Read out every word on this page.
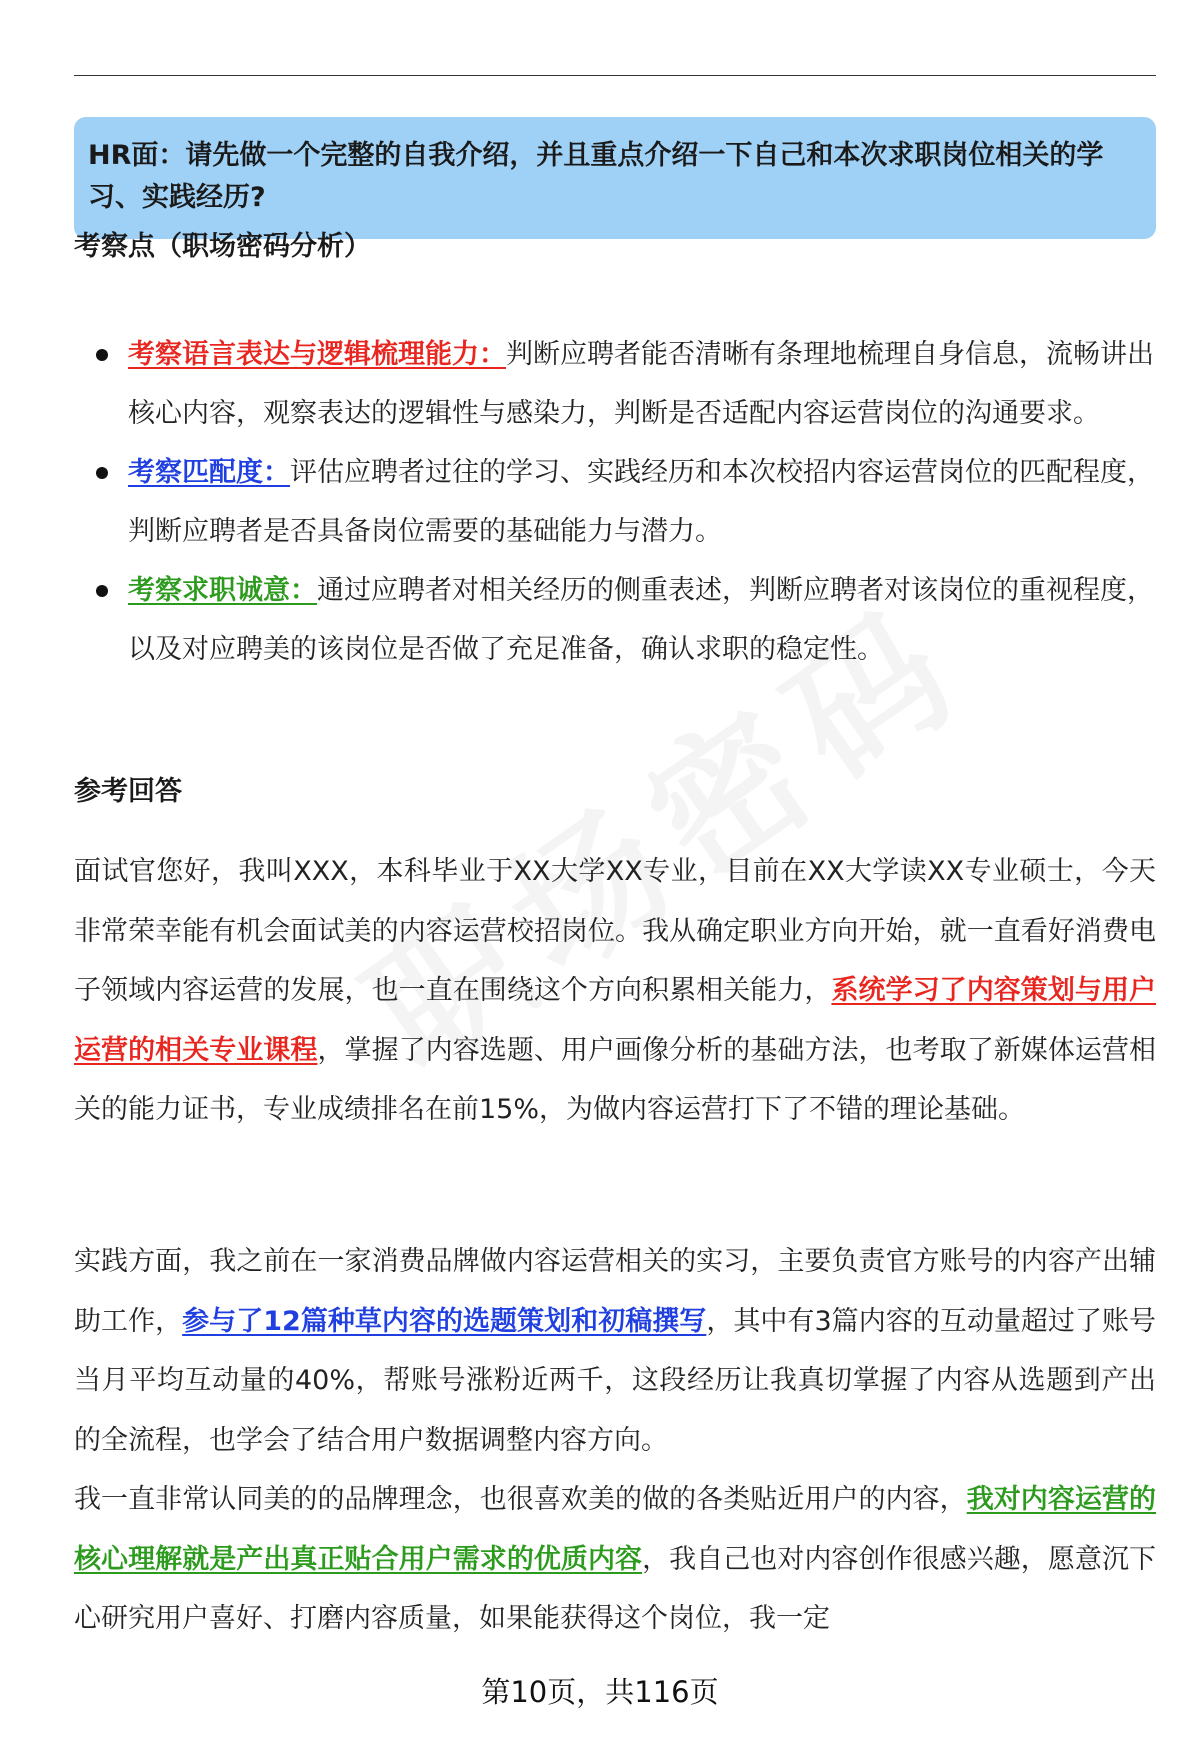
HR面：请先做一个完整的自我介绍，并且重点介绍一下自己和本次求职岗位相关的学习、实践经历?

考察点（职场密码分析）
考察语言表达与逻辑梳理能力：判断应聘者能否清晰有条理地梳理自身信息，流畅讲出核心内容，观察表达的逻辑性与感染力，判断是否适配内容运营岗位的沟通要求。
考察匹配度：评估应聘者过往的学习、实践经历和本次校招内容运营岗位的匹配程度，判断应聘者是否具备岗位需要的基础能力与潜力。
考察求职诚意：通过应聘者对相关经历的侧重表述，判断应聘者对该岗位的重视程度，以及对应聘美的该岗位是否做了充足准备，确认求职的稳定性。
参考回答

面试官您好，我叫XXX，本科毕业于XX大学XX专业，目前在XX大学读XX专业硕士，今天非常荣幸能有机会面试美的内容运营校招岗位。我从确定职业方向开始，就一直看好消费电子领域内容运营的发展，也一直在围绕这个方向积累相关能力，系统学习了内容策划与用户运营的相关专业课程，掌握了内容选题、用户画像分析的基础方法，也考取了新媒体运营相关的能力证书，专业成绩排名在前15%，为做内容运营打下了不错的理论基础。

实践方面，我之前在一家消费品牌做内容运营相关的实习，主要负责官方账号的内容产出辅助工作，参与了12篇种草内容的选题策划和初稿撰写，其中有3篇内容的互动量超过了账号当月平均互动量的40%，帮账号涨粉近两千，这段经历让我真切掌握了内容从选题到产出的全流程，也学会了结合用户数据调整内容方向。

我一直非常认同美的的品牌理念，也很喜欢美的做的各类贴近用户的内容，我对内容运营的核心理解就是产出真正贴合用户需求的优质内容，我自己也对内容创作很感兴趣，愿意沉下心研究用户喜好、打磨内容质量，如果能获得这个岗位，我一定

第10页，共116页
